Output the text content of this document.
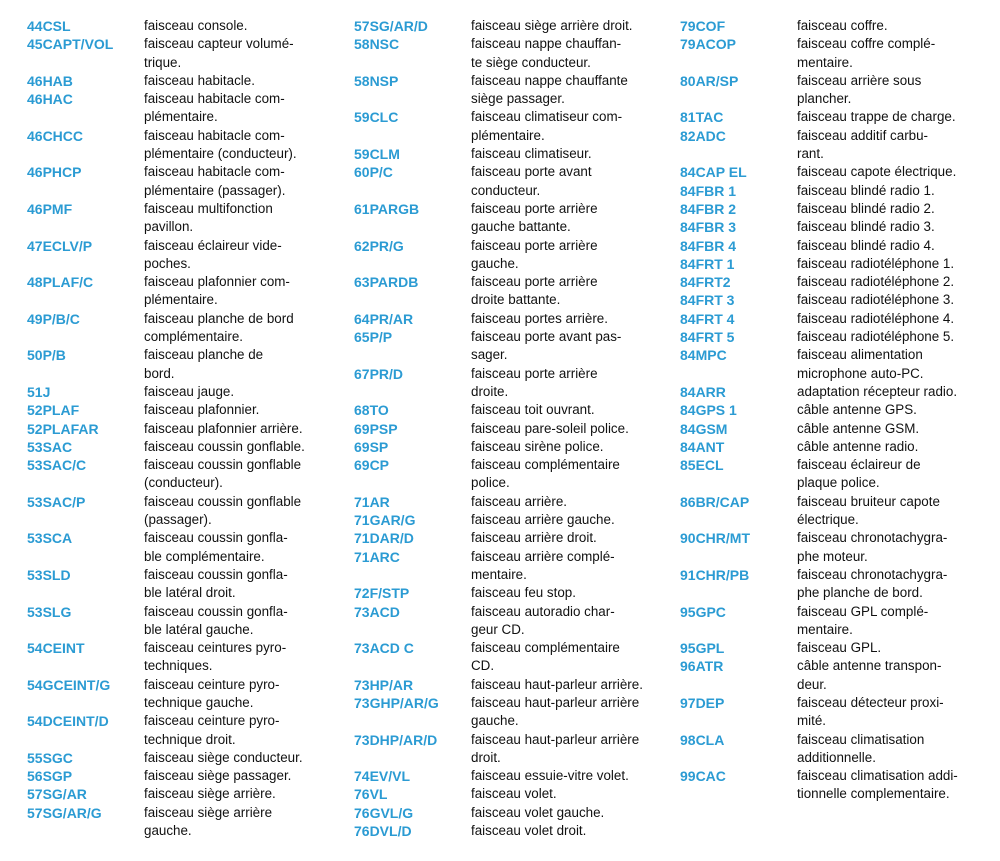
44CSL	faisceau console.
45CAPT/VOL	faisceau capteur volumé-
trique.
46HAB	faisceau habitacle.
46HAC	faisceau habitacle com-
plémentaire.
46CHCC	faisceau habitacle com-
plémentaire (conducteur).
46PHCP	faisceau habitacle com-
plémentaire (passager).
46PMF	faisceau multifonction
pavillon.
47ECLV/P	faisceau éclaireur vide-
poches.
48PLAF/C	faisceau plafonnier com-
plémentaire.
49P/B/C	faisceau planche de bord
complémentaire.
50P/B	faisceau planche de
bord.
51J	faisceau jauge.
52PLAF	faisceau plafonnier.
52PLAFAR	faisceau plafonnier arrière.
53SAC	faisceau coussin gonflable.
53SAC/C	faisceau coussin gonflable
(conducteur).
53SAC/P	faisceau coussin gonflable
(passager).
53SCA	faisceau coussin gonfla-
ble complémentaire.
53SLD	faisceau coussin gonfla-
ble latéral droit.
53SLG	faisceau coussin gonfla-
ble latéral gauche.
54CEINT	faisceau ceintures pyro-
techniques.
54GCEINT/G	faisceau ceinture pyro-
technique gauche.
54DCEINT/D	faisceau ceinture pyro-
technique droit.
55SGC	faisceau siège conducteur.
56SGP	faisceau siège passager.
57SG/AR	faisceau siège arrière.
57SG/AR/G	faisceau siège arrière
gauche.
57SG/AR/D	faisceau siège arrière droit.
58NSC	faisceau nappe chauffan-
te siège conducteur.
58NSP	faisceau nappe chauffante
siège passager.
59CLC	faisceau climatiseur com-
plémentaire.
59CLM	faisceau climatiseur.
60P/C	faisceau porte avant
conducteur.
61PARGB	faisceau porte arrière
gauche battante.
62PR/G	faisceau porte arrière
gauche.
63PARDB	faisceau porte arrière
droite battante.
64PR/AR	faisceau portes arrière.
65P/P	faisceau porte avant pas-
sager.
67PR/D	faisceau porte arrière
droite.
68TO	faisceau toit ouvrant.
69PSP	faisceau pare-soleil police.
69SP	faisceau sirène police.
69CP	faisceau complémentaire
police.
71AR	faisceau arrière.
71GAR/G	faisceau arrière gauche.
71DAR/D	faisceau arrière droit.
71ARC	faisceau arrière complé-
mentaire.
72F/STP	faisceau feu stop.
73ACD	faisceau autoradio char-
geur CD.
73ACD C	faisceau complémentaire
CD.
73HP/AR	faisceau haut-parleur arrière.
73GHP/AR/G	faisceau haut-parleur arrière
gauche.
73DHP/AR/D	faisceau haut-parleur arrière
droit.
74EV/VL	faisceau essuie-vitre volet.
76VL	faisceau volet.
76GVL/G	faisceau volet gauche.
76DVL/D	faisceau volet droit.
79COF	faisceau coffre.
79ACOP	faisceau coffre complé-
mentaire.
80AR/SP	faisceau arrière sous
plancher.
81TAC	faisceau trappe de charge.
82ADC	faisceau additif carbu-
rant.
84CAP EL	faisceau capote électrique.
84FBR 1	faisceau blindé radio 1.
84FBR 2	faisceau blindé radio 2.
84FBR 3	faisceau blindé radio 3.
84FBR 4	faisceau blindé radio 4.
84FRT 1	faisceau radiotéléphone 1.
84FRT2	faisceau radiotéléphone 2.
84FRT 3	faisceau radiotéléphone 3.
84FRT 4	faisceau radiotéléphone 4.
84FRT 5	faisceau radiotéléphone 5.
84MPC	faisceau alimentation
microphone auto-PC.
84ARR	adaptation récepteur radio.
84GPS 1	câble antenne GPS.
84GSM	câble antenne GSM.
84ANT	câble antenne radio.
85ECL	faisceau éclaireur de
plaque police.
86BR/CAP	faisceau bruiteur capote
électrique.
90CHR/MT	faisceau chronotachygra-
phe moteur.
91CHR/PB	faisceau chronotachygra-
phe planche de bord.
95GPC	faisceau GPL complé-
mentaire.
95GPL	faisceau GPL.
96ATR	câble antenne transpon-
deur.
97DEP	faisceau détecteur proxi-
mité.
98CLA	faisceau climatisation
additionnelle.
99CAC	faisceau climatisation addi-
tionnelle complementaire.
